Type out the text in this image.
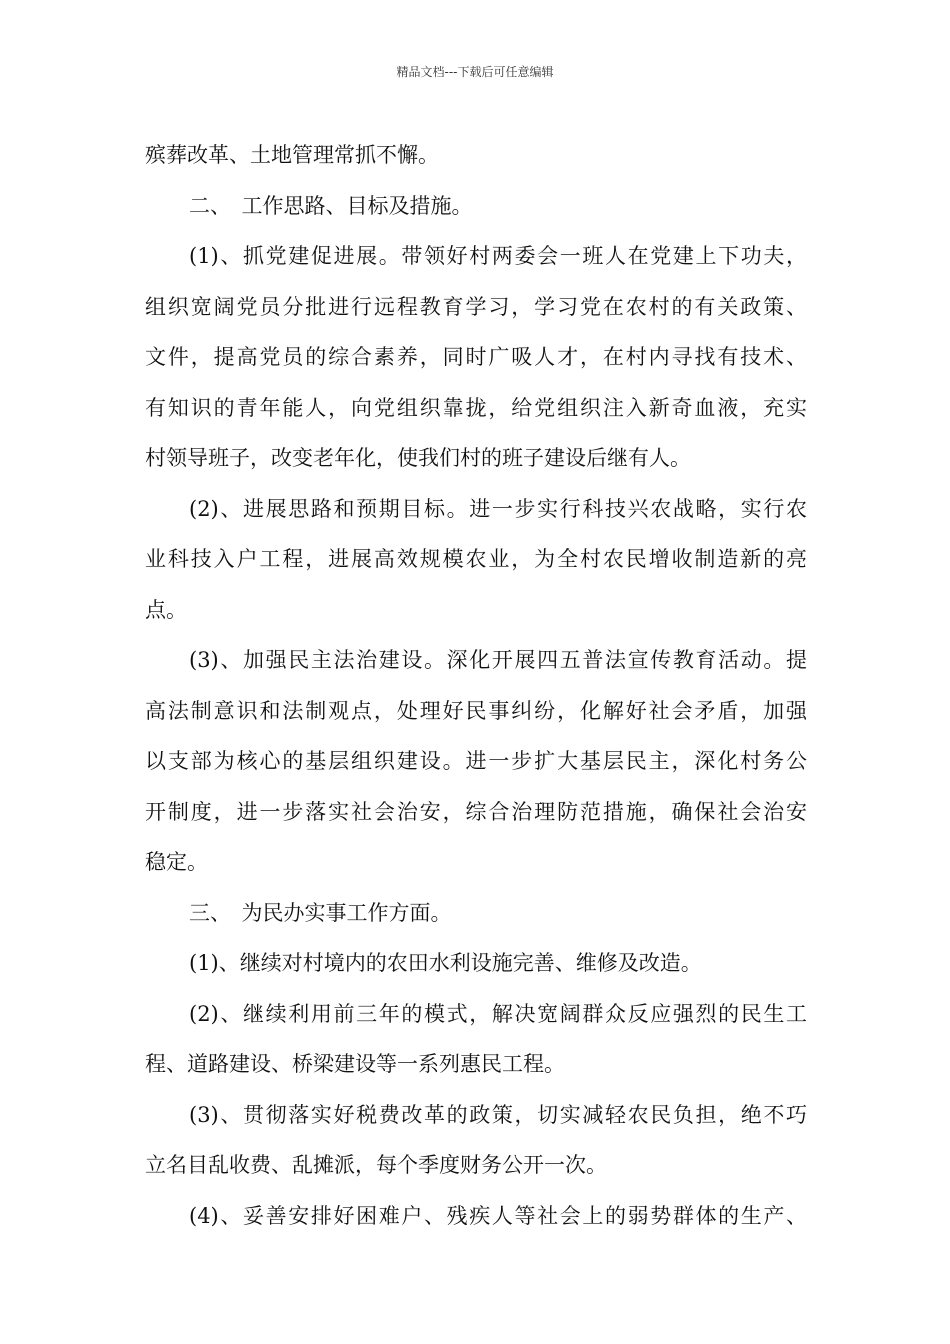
精品文档---下载后可任意编辑
殡葬改革、土地管理常抓不懈。
二、　工作思路、目标及措施。
(1)、抓党建促进展。带领好村两委会一班人在党建上下功夫，
组织宽阔党员分批进行远程教育学习，学习党在农村的有关政策、
文件，提高党员的综合素养，同时广吸人才，在村内寻找有技术、
有知识的青年能人，向党组织靠拢，给党组织注入新奇血液，充实
村领导班子，改变老年化，使我们村的班子建设后继有人。
(2)、进展思路和预期目标。进一步实行科技兴农战略，实行农
业科技入户工程，进展高效规模农业，为全村农民增收制造新的亮
点。
(3)、加强民主法治建设。深化开展四五普法宣传教育活动。提
高法制意识和法制观点，处理好民事纠纷，化解好社会矛盾，加强
以支部为核心的基层组织建设。进一步扩大基层民主，深化村务公
开制度，进一步落实社会治安，综合治理防范措施，确保社会治安
稳定。
三、　为民办实事工作方面。
(1)、继续对村境内的农田水利设施完善、维修及改造。
(2)、继续利用前三年的模式，解决宽阔群众反应强烈的民生工
程、道路建设、桥梁建设等一系列惠民工程。
(3)、贯彻落实好税费改革的政策，切实减轻农民负担，绝不巧
立名目乱收费、乱摊派，每个季度财务公开一次。
(4)、妥善安排好困难户、残疾人等社会上的弱势群体的生产、
